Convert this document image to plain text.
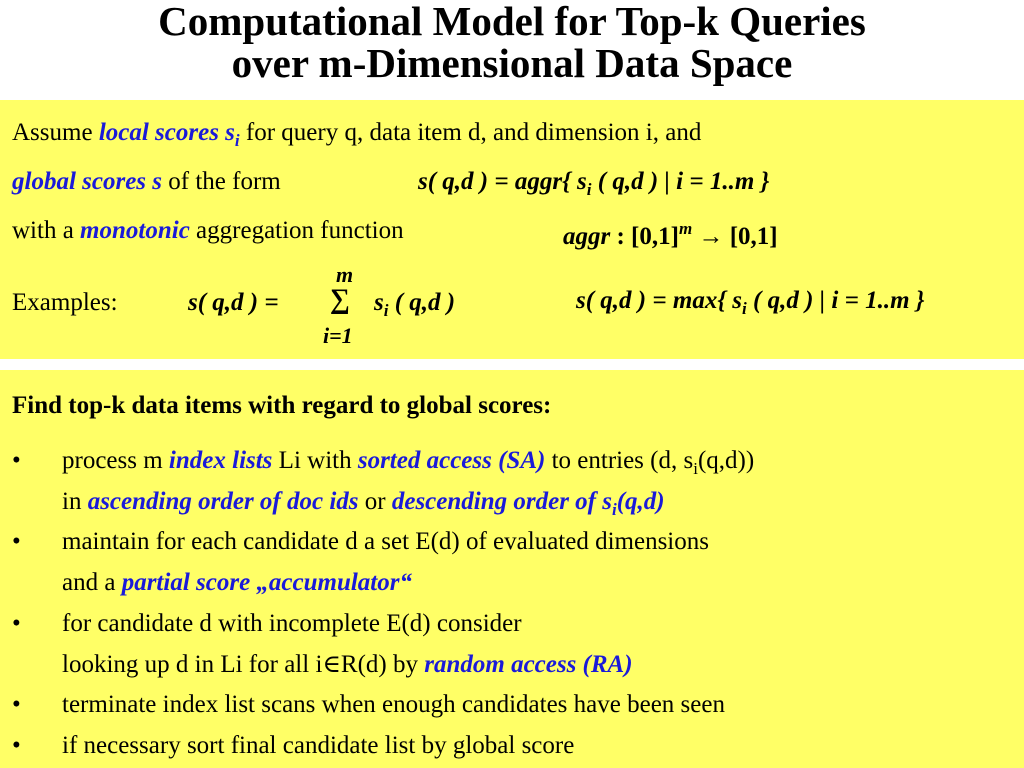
Computational Model for Top-k Queries
over m-Dimensional Data Space
Assume local scores $s_i$ for query q, data item d, and dimension i, and
global scores s of the form	s( q,d ) = aggr{ $s_i$ ( q,d ) | i = 1..m }
with a monotonic aggregation function	aggr : $[0,1]^m \to [0,1]$
Examples:	s( q,d ) =
m
∑
i=1
$s_i$ ( q,d )	s( q,d ) = max{ $s_i$ ( q,d ) | i = 1..m }
Find top-k data items with regard to global scores:
• process m index lists Li with sorted access (SA) to entries (d, $s_i(q,d)$)
in ascending order of doc ids or descending order of $s_i(q,d)$
• maintain for each candidate d a set E(d) of evaluated dimensions
and a partial score „accumulator“
• for candidate d with incomplete E(d) consider
looking up d in Li for all i∈R(d) by random access (RA)
• terminate index list scans when enough candidates have been seen
• if necessary sort final candidate list by global score
